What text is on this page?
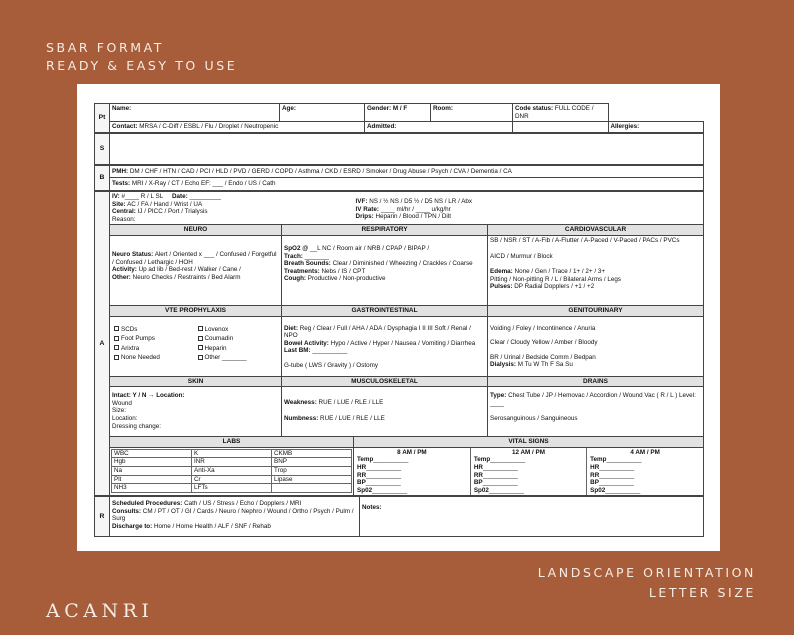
SBAR FORMAT
READY & EASY TO USE
Pt	Name:	Age:	Gender: M / F	Room:	Code status: FULL CODE / DNR	
	Contact: MRSA / C-Diff / ESBL / Flu / Droplet / Neutropenic		Admitted:			Allergies:
S	
B	PMH: DM / CHF / HTN / CAD / PCI / HLD / PVD / GERD / COPD / Asthma / CKD / ESRD / Smoker / Drug Abuse / Psych / CVA / Dementia / CA
Tests: MRI / X-Ray / CT / Echo EF: ___ / Endo / US / Cath
A	
IV: #____ R / L SL Date: _________
Site: AC / FA / Hand / Wrist / UA
Central: IJ / PICC / Port / Trialysis
Reason:

IVF: NS / ½ NS / D5 ½ / D5 NS / LR / Abx
IV Rate: ____ ml/hr / ____ u/kg/hr
Drips: Heparin / Blood / TPN / Dilt

NEURO	RESPIRATORY	CARDIOVASCULAR

Neuro Status: Alert / Oriented x ___ / Confused / Forgetful / Confused / Lethargic / HOH
Activity: Up ad lib / Bed-rest / Walker / Cane /
Other: Neuro Checks / Restraints / Bed Alarm

SpO2 @ __L NC / Room air / NRB / CPAP / BIPAP /
Trach: _______
Breath Sounds: Clear / Diminished / Wheezing / Crackles / Coarse
Treatments: Nebs / IS / CPT
Cough: Productive / Non-productive

SB / NSR / ST / A-Fib / A-Flutter / A-Paced / V-Paced / PACs / PVCs
AICD / Murmur / Block
Edema: None / Gen / Trace / 1+ / 2+ / 3+
Pitting / Non-pitting R / L / Bilateral Arms / Legs
Pulses: DP Radial Dopplers / +1 / +2

VTE PROPHYLAXIS	GASTROINTESTINAL	GENITOURINARY

SCDs	Lovenox
Foot Pumps	Coumadin
Arixtra	Heparin
None Needed	Other _______

Diet: Reg / Clear / Full / AHA / ADA / Dysphagia I II III Soft / Renal / NPO
Bowel Activity: Hypo / Active / Hyper / Nausea / Vomiting / Diarrhea     Last BM: __________
G-tube ( LWS / Gravity ) / Ostomy

Voiding / Foley / Incontinence / Anuria
Clear / Cloudy Yellow / Amber / Bloody
BR / Urinal / Bedside Comm / Bedpan
Dialysis: M Tu W Th F Sa Su

SKIN	MUSCULOSKELETAL	DRAINS

Intact: Y / N → Location:
Wound
Size:
Location:
Dressing change:

Weakness: RUE / LUE / RLE / LLE
Numbness: RUE / LUE / RLE / LLE

Type: Chest Tube / JP / Hemovac / Accordion / Wound Vac ( R / L ) Level: ____
Serosanguinous / Sanguineous

LABS	VITAL SIGNS

WBC	K	CKMB
Hgb	INR	BNP
Na	Anti-Xa	Trop
Plt	Cr	Lipase
NH3	LFTs	

8 AM / PM
Temp__________
HR__________
RR__________
BP__________
Sp02__________

12 AM / PM
Temp__________
HR__________
RR__________
BP__________
Sp02__________

4 AM / PM
Temp__________
HR__________
RR__________
BP__________
Sp02__________
R	
Scheduled Procedures: Cath / US / Stress / Echo / Dopplers / MRI
Consults: CM / PT / OT / GI / Cards / Neuro / Nephro / Wound / Ortho / Psych / Pulm / Surg
Discharge to: Home / Home Health / ALF / SNF / Rehab
	Notes:
LANDSCAPE ORIENTATION
LETTER SIZE
ACANRI
